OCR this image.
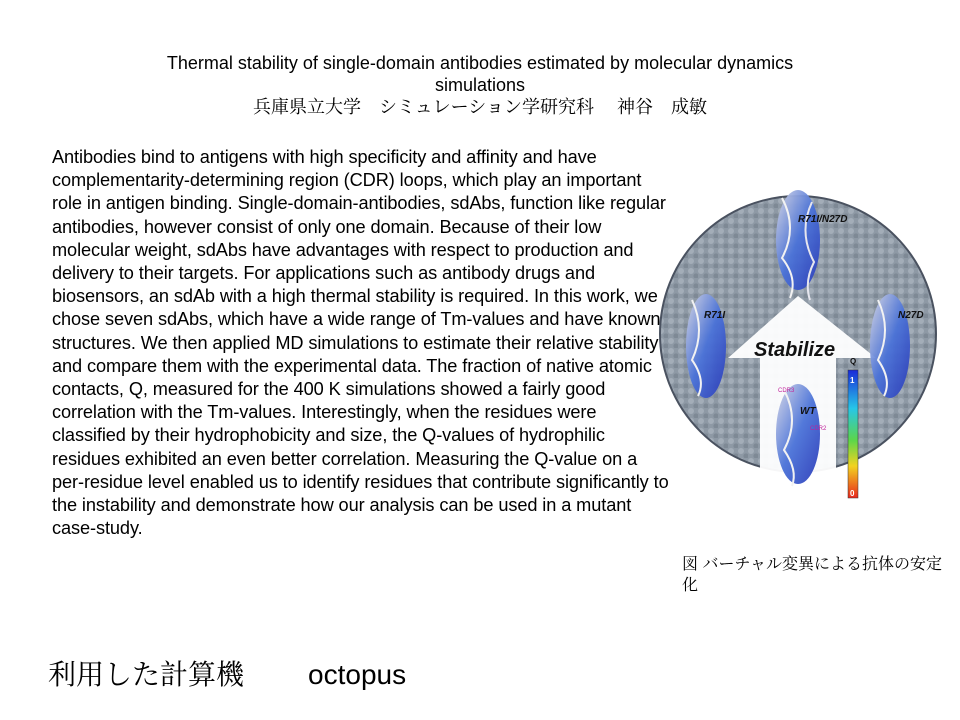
Thermal stability of single-domain antibodies estimated by molecular dynamics
simulations
兵庫県立大学　シミュレーション学研究科　 神谷　成敏
Antibodies bind to antigens with high specificity and affinity and have complementarity-determining region (CDR) loops, which play an important role in antigen binding. Single-domain-antibodies, sdAbs, function like regular antibodies, however consist of only one domain. Because of their low molecular weight, sdAbs have advantages with respect to production and delivery to their targets. For applications such as antibody drugs and biosensors, an sdAb with a high thermal stability is required. In this work, we chose seven sdAbs, which have a wide range of Tm-values and have known structures. We then applied MD simulations to estimate their relative stability and compare them with the experimental data. The fraction of native atomic contacts, Q, measured for the 400 K simulations showed a fairly good correlation with the Tm-values. Interestingly, when the residues were classified by their hydrophobicity and size, the Q-values of hydrophilic residues exhibited an even better correlation. Measuring the Q-value on a per-residue level enabled us to identify residues that contribute significantly to the instability and demonstrate how our analysis can be used in a mutant case-study.
R71I/N27D
R71I	N27D
WT
CDR3
CDR2
Stabilize
Q
1
0
図 バーチャル変異による抗体の安定化
利用した計算機 octopus
